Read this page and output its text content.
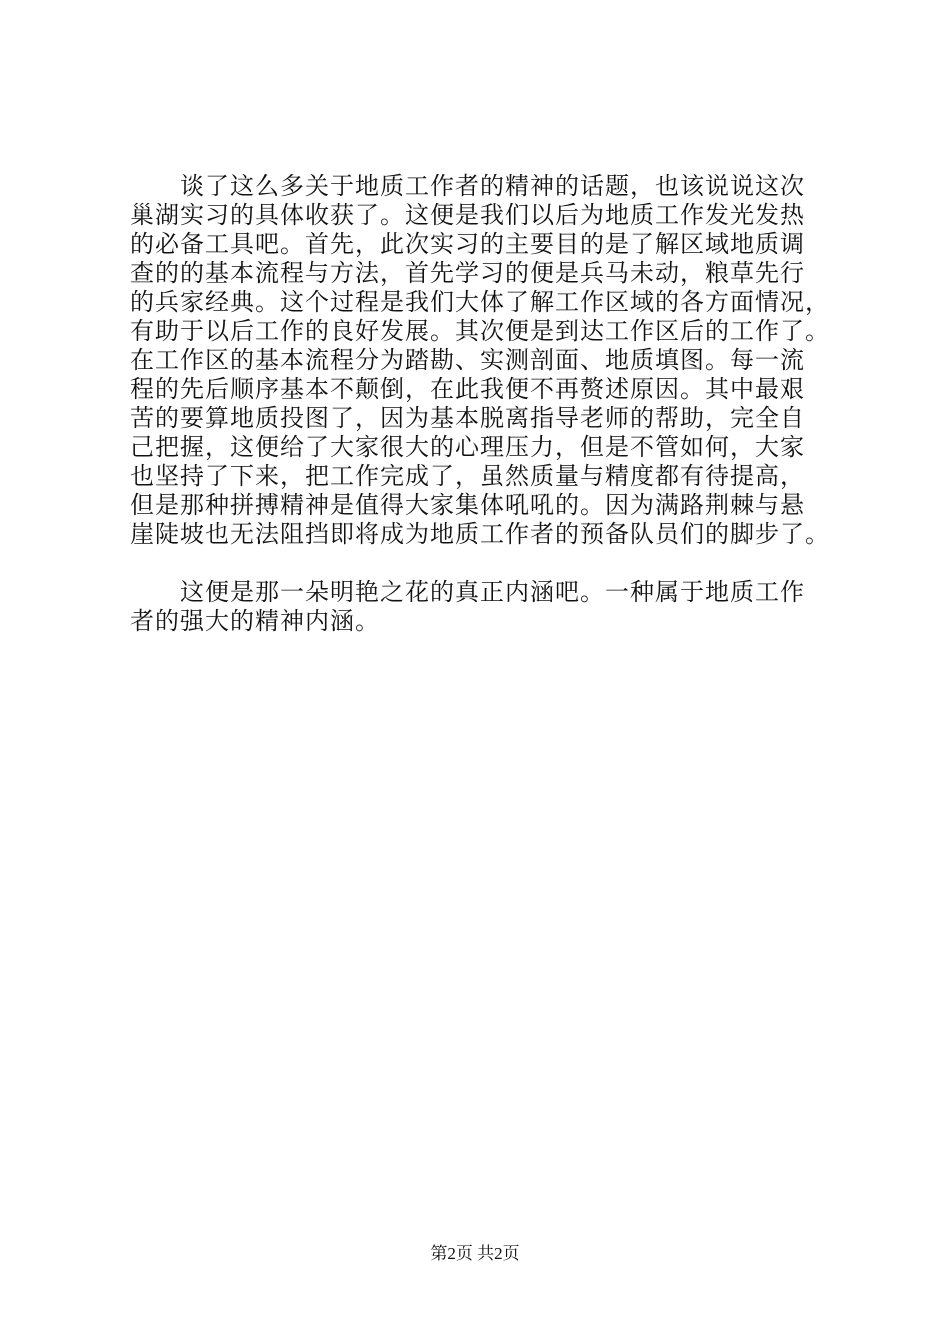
　　谈了这么多关于地质工作者的精神的话题，也该说说这次
巢湖实习的具体收获了。这便是我们以后为地质工作发光发热
的必备工具吧。首先，此次实习的主要目的是了解区域地质调
查的的基本流程与方法，首先学习的便是兵马未动，粮草先行
的兵家经典。这个过程是我们大体了解工作区域的各方面情况，
有助于以后工作的良好发展。其次便是到达工作区后的工作了。
在工作区的基本流程分为踏勘、实测剖面、地质填图。每一流
程的先后顺序基本不颠倒，在此我便不再赘述原因。其中最艰
苦的要算地质投图了，因为基本脱离指导老师的帮助，完全自
己把握，这便给了大家很大的心理压力，但是不管如何，大家
也坚持了下来，把工作完成了，虽然质量与精度都有待提高，
但是那种拼搏精神是值得大家集体吼吼的。因为满路荆棘与悬
崖陡坡也无法阻挡即将成为地质工作者的预备队员们的脚步了。
　　这便是那一朵明艳之花的真正内涵吧。一种属于地质工作
者的强大的精神内涵。
第2页 共2页
